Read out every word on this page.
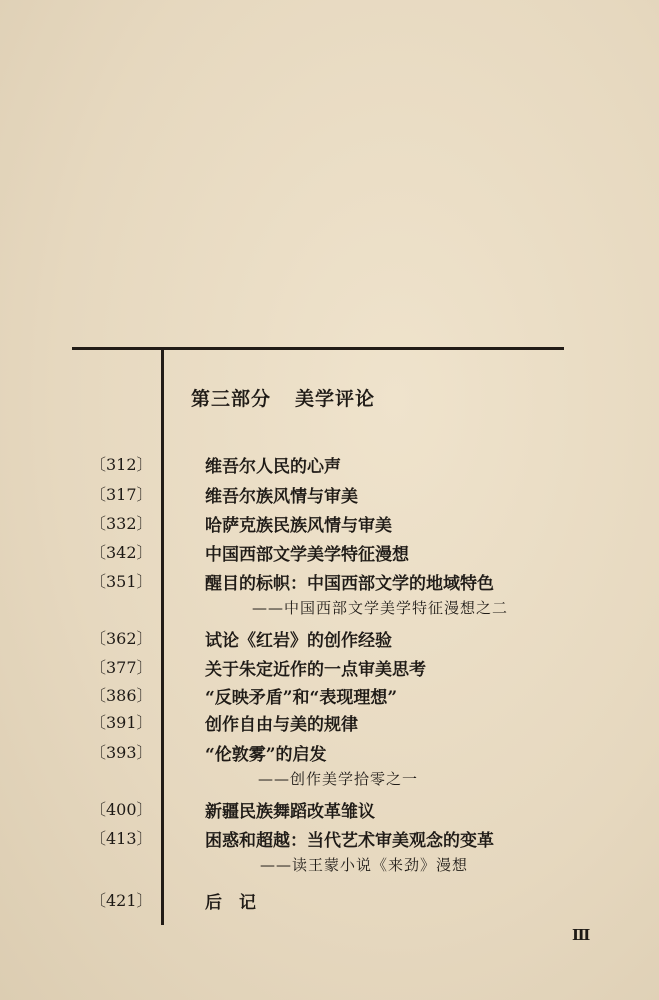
第三部分 美学评论
〔312〕	维吾尔人民的心声
〔317〕	维吾尔族风情与审美
〔332〕	哈萨克族民族风情与审美
〔342〕	中国西部文学美学特征漫想
〔351〕	醒目的标帜：中国西部文学的地域特色
——中国西部文学美学特征漫想之二
〔362〕	试论《红岩》的创作经验
〔377〕	关于朱定近作的一点审美思考
〔386〕	“反映矛盾”和“表现理想”
〔391〕	创作自由与美的规律
〔393〕	“伦敦雾”的启发
——创作美学拾零之一
〔400〕	新疆民族舞蹈改革雏议
〔413〕	困惑和超越：当代艺术审美观念的变革
——读王蒙小说《来劲》漫想
〔421〕	后　记
Ⅲ
